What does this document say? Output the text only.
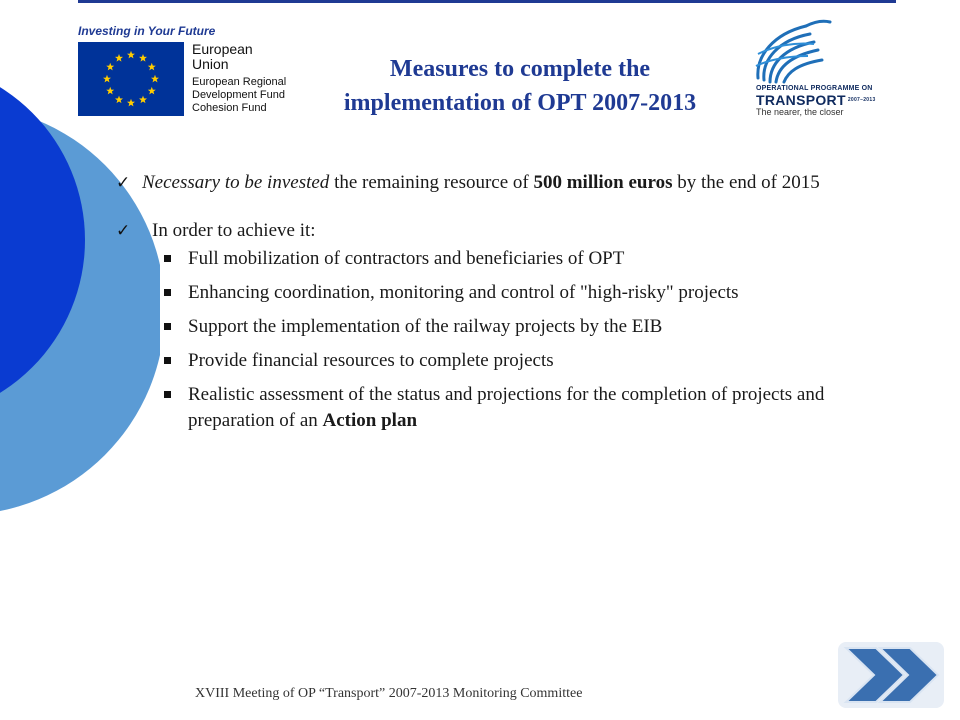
Investing in Your Future
European
Union
European Regional
Development Fund
Cohesion Fund
Measures to complete the
implementation of OPT 2007-2013
OPERATIONAL PROGRAMME ON
TRANSPORT $^{2007-2013}$
The nearer, the closer
✓ Necessary to be invested the remaining resource of 500 million euros by the end of 2015
✓ In order to achieve it:
Full mobilization of contractors and beneficiaries of OPT
Enhancing coordination, monitoring and control of "high-risky" projects
Support the implementation of the railway projects by the EIB
Provide financial resources to complete projects
Realistic assessment of the status and projections for the completion of projects and preparation of an Action plan
XVIII Meeting of OP “Transport” 2007-2013 Monitoring Committee
